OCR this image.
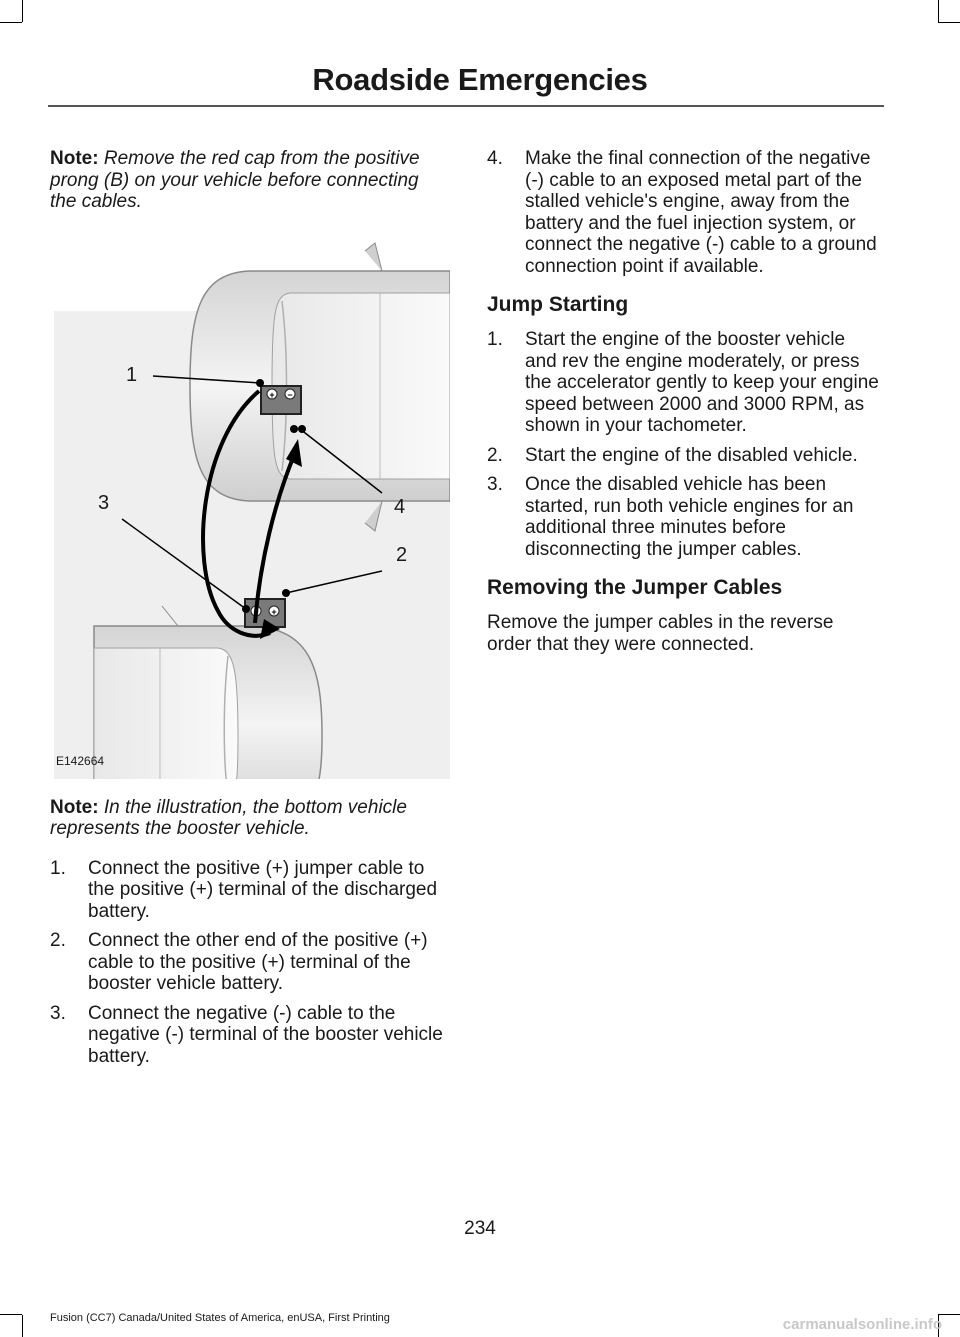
Roadside Emergencies

Note: Remove the red cap from the positive prong (B) on your vehicle before connecting the cables.

+ −
− +
1
2
3	4
E142664

Note: In the illustration, the bottom vehicle represents the booster vehicle.

1. Connect the positive (+) jumper cable to the positive (+) terminal of the discharged battery.
2. Connect the other end of the positive (+) cable to the positive (+) terminal of the booster vehicle battery.
3. Connect the negative (-) cable to the negative (-) terminal of the booster vehicle battery.
4. Make the final connection of the negative (-) cable to an exposed metal part of the stalled vehicle's engine, away from the battery and the fuel injection system, or connect the negative (-) cable to a ground connection point if available.
Jump Starting
1. Start the engine of the booster vehicle and rev the engine moderately, or press the accelerator gently to keep your engine speed between 2000 and 3000 RPM, as shown in your tachometer.
2. Start the engine of the disabled vehicle.
3. Once the disabled vehicle has been started, run both vehicle engines for an additional three minutes before disconnecting the jumper cables.
Removing the Jumper Cables

Remove the jumper cables in the reverse order that they were connected.

234
Fusion (CC7) Canada/United States of America, enUSA, First Printing	carmanualsonline.info
